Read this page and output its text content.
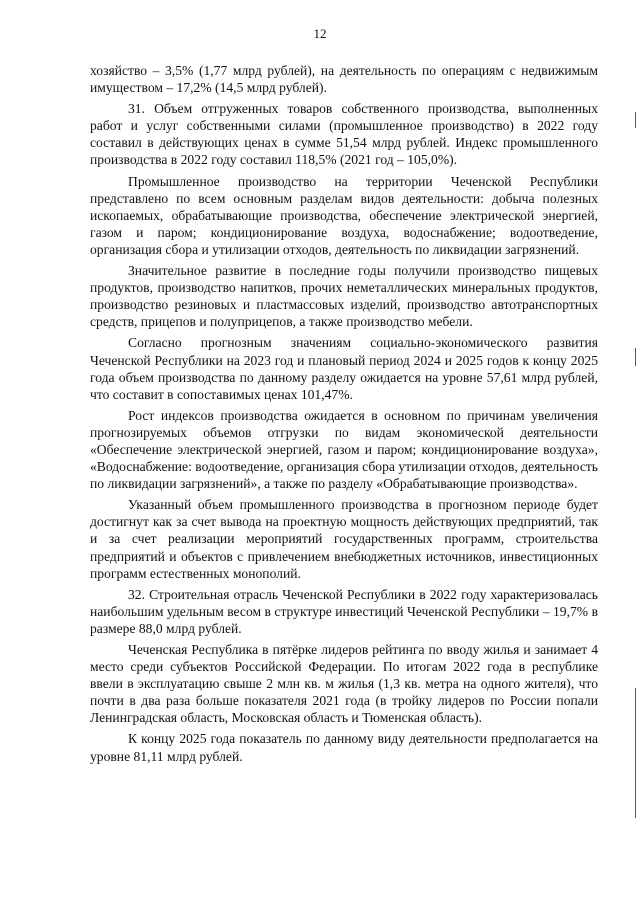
12

хозяйство – 3,5% (1,77 млрд рублей), на деятельность по операциям с недвижимым имуществом – 17,2% (14,5 млрд рублей).

31. Объем отгруженных товаров собственного производства, выполненных работ и услуг собственными силами (промышленное производство) в 2022 году составил в действующих ценах в сумме 51,54 млрд рублей. Индекс промышленного производства в 2022 году составил 118,5% (2021 год – 105,0%).

Промышленное производство на территории Чеченской Республики представлено по всем основным разделам видов деятельности: добыча полезных ископаемых, обрабатывающие производства, обеспечение электрической энергией, газом и паром; кондиционирование воздуха, водоснабжение; водоотведение, организация сбора и утилизации отходов, деятельность по ликвидации загрязнений.

Значительное развитие в последние годы получили производство пищевых продуктов, производство напитков, прочих неметаллических минеральных продуктов, производство резиновых и пластмассовых изделий, производство автотранспортных средств, прицепов и полуприцепов, а также производство мебели.

Согласно прогнозным значениям социально-экономического развития Чеченской Республики на 2023 год и плановый период 2024 и 2025 годов к концу 2025 года объем производства по данному разделу ожидается на уровне 57,61 млрд рублей, что составит в сопоставимых ценах 101,47%.

Рост индексов производства ожидается в основном по причинам увеличения прогнозируемых объемов отгрузки по видам экономической деятельности «Обеспечение электрической энергией, газом и паром; кондиционирование воздуха», «Водоснабжение: водоотведение, организация сбора утилизации отходов, деятельность по ликвидации загрязнений», а также по разделу «Обрабатывающие производства».

Указанный объем промышленного производства в прогнозном периоде будет достигнут как за счет вывода на проектную мощность действующих предприятий, так и за счет реализации мероприятий государственных программ, строительства предприятий и объектов с привлечением внебюджетных источников, инвестиционных программ естественных монополий.

32. Строительная отрасль Чеченской Республики в 2022 году характеризовалась наибольшим удельным весом в структуре инвестиций Чеченской Республики – 19,7% в размере 88,0 млрд рублей.

Чеченская Республика в пятёрке лидеров рейтинга по вводу жилья и занимает 4 место среди субъектов Российской Федерации. По итогам 2022 года в республике ввели в эксплуатацию свыше 2 млн кв. м жилья (1,3 кв. метра на одного жителя), что почти в два раза больше показателя 2021 года (в тройку лидеров по России попали Ленинградская область, Московская область и Тюменская область).

К концу 2025 года показатель по данному виду деятельности предполагается на уровне 81,11 млрд рублей.
